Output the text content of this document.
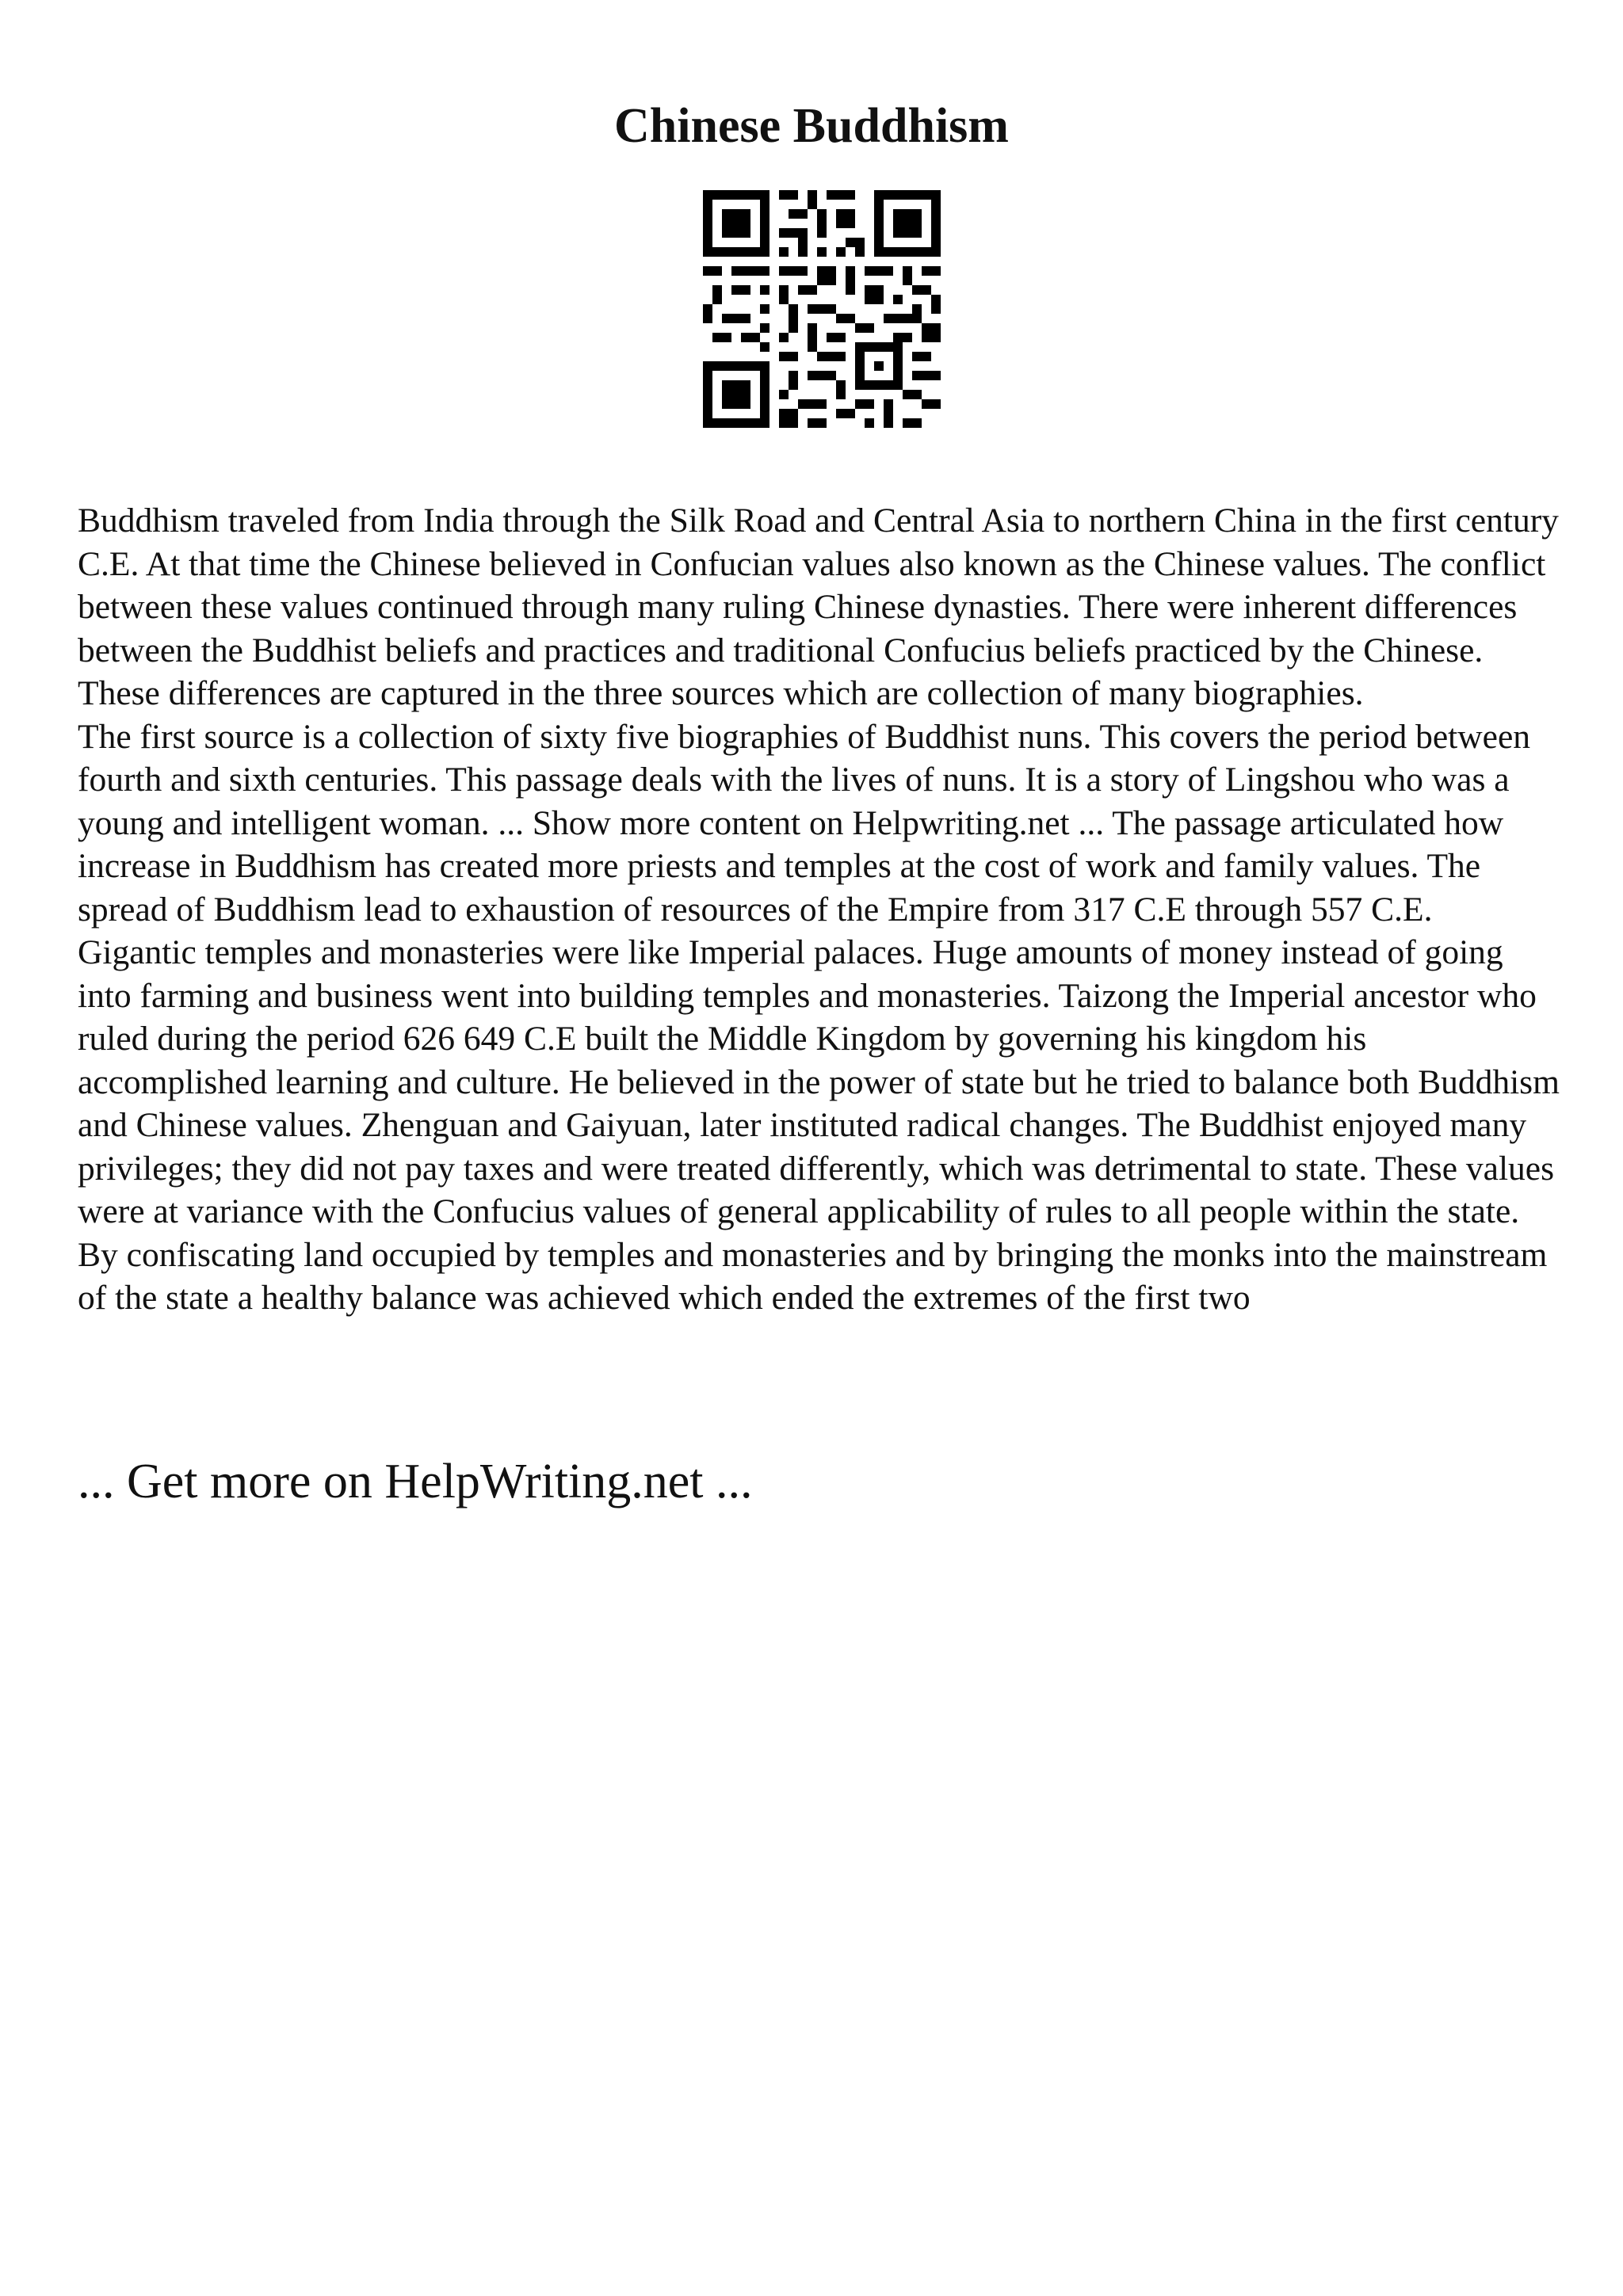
Chinese Buddhism

Buddhism traveled from India through the Silk Road and Central Asia to northern China in the first century C.E. At that time the Chinese believed in Confucian values also known as the Chinese values. The conflict between these values continued through many ruling Chinese dynasties. There were inherent differences between the Buddhist beliefs and practices and traditional Confucius beliefs practiced by the Chinese. These differences are captured in the three sources which are collection of many biographies.

The first source is a collection of sixty five biographies of Buddhist nuns. This covers the period between fourth and sixth centuries. This passage deals with the lives of nuns. It is a story of Lingshou who was a young and intelligent woman. ... Show more content on Helpwriting.net ... The passage articulated how increase in Buddhism has created more priests and temples at the cost of work and family values. The spread of Buddhism lead to exhaustion of resources of the Empire from 317 C.E through 557 C.E. Gigantic temples and monasteries were like Imperial palaces. Huge amounts of money instead of going into farming and business went into building temples and monasteries. Taizong the Imperial ancestor who ruled during the period 626 649 C.E built the Middle Kingdom by governing his kingdom his accomplished learning and culture. He believed in the power of state but he tried to balance both Buddhism and Chinese values. Zhenguan and Gaiyuan, later instituted radical changes. The Buddhist enjoyed many privileges; they did not pay taxes and were treated differently, which was detrimental to state. These values were at variance with the Confucius values of general applicability of rules to all people within the state. By confiscating land occupied by temples and monasteries and by bringing the monks into the mainstream of the state a healthy balance was achieved which ended the extremes of the first two

... Get more on HelpWriting.net ...
